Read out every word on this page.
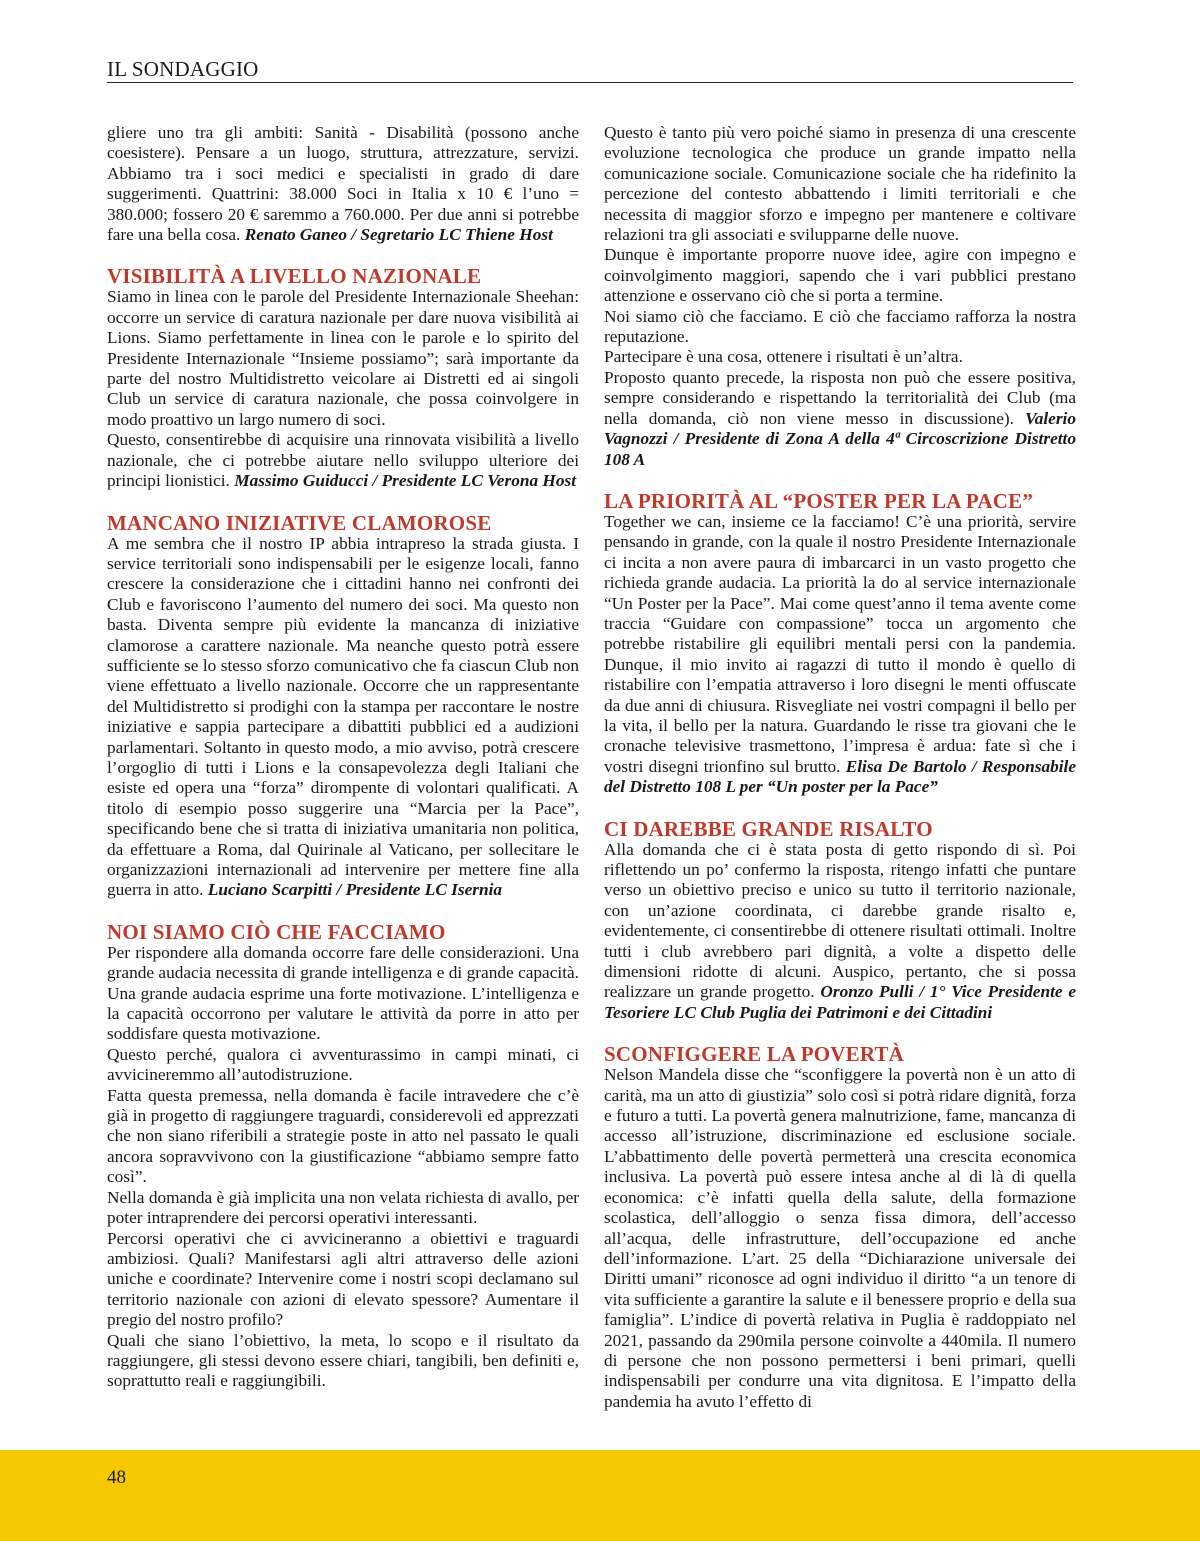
IL SONDAGGIO

gliere uno tra gli ambiti: Sanità - Disabilità (possono anche coesistere). Pensare a un luogo, struttura, attrezzature, servizi. Abbiamo tra i soci medici e specialisti in grado di dare suggerimenti. Quattrini: 38.000 Soci in Italia x 10 € l’uno = 380.000; fossero 20 € saremmo a 760.000. Per due anni si potrebbe fare una bella cosa. Renato Ganeo / Segretario LC Thiene Host

VISIBILITÀ A LIVELLO NAZIONALE

Siamo in linea con le parole del Presidente Internazionale Sheehan: occorre un service di caratura nazionale per dare nuova visibilità ai Lions. Siamo perfettamente in linea con le parole e lo spirito del Presidente Internazionale “Insieme possiamo”; sarà importante da parte del nostro Multidistretto veicolare ai Distretti ed ai singoli Club un service di caratura nazionale, che possa coinvolgere in modo proattivo un largo numero di soci.

Questo, consentirebbe di acquisire una rinnovata visibilità a livello nazionale, che ci potrebbe aiutare nello sviluppo ulteriore dei principi lionistici. Massimo Guiducci / Presidente LC Verona Host

MANCANO INIZIATIVE CLAMOROSE

A me sembra che il nostro IP abbia intrapreso la strada giusta. I service territoriali sono indispensabili per le esigenze locali, fanno crescere la considerazione che i cittadini hanno nei confronti dei Club e favoriscono l’aumento del numero dei soci. Ma questo non basta. Diventa sempre più evidente la mancanza di iniziative clamorose a carattere nazionale. Ma neanche questo potrà essere sufficiente se lo stesso sforzo comunicativo che fa ciascun Club non viene effettuato a livello nazionale. Occorre che un rappresentante del Multidistretto si prodighi con la stampa per raccontare le nostre iniziative e sappia partecipare a dibattiti pubblici ed a audizioni parlamentari. Soltanto in questo modo, a mio avviso, potrà crescere l’orgoglio di tutti i Lions e la consapevolezza degli Italiani che esiste ed opera una “forza” dirompente di volontari qualificati. A titolo di esempio posso suggerire una “Marcia per la Pace”, specificando bene che si tratta di iniziativa umanitaria non politica, da effettuare a Roma, dal Quirinale al Vaticano, per sollecitare le organizzazioni internazionali ad intervenire per mettere fine alla guerra in atto. Luciano Scarpitti / Presidente LC Isernia

NOI SIAMO CIÒ CHE FACCIAMO

Per rispondere alla domanda occorre fare delle considerazioni. Una grande audacia necessita di grande intelligenza e di grande capacità. Una grande audacia esprime una forte motivazione. L’intelligenza e la capacità occorrono per valutare le attività da porre in atto per soddisfare questa motivazione.

Questo perché, qualora ci avventurassimo in campi minati, ci avvicineremmo all’autodistruzione.

Fatta questa premessa, nella domanda è facile intravedere che c’è già in progetto di raggiungere traguardi, considerevoli ed apprezzati che non siano riferibili a strategie poste in atto nel passato le quali ancora sopravvivono con la giustificazione “abbiamo sempre fatto così”.

Nella domanda è già implicita una non velata richiesta di avallo, per poter intraprendere dei percorsi operativi interessanti.

Percorsi operativi che ci avvicineranno a obiettivi e traguardi ambiziosi. Quali? Manifestarsi agli altri attraverso delle azioni uniche e coordinate? Intervenire come i nostri scopi declamano sul territorio nazionale con azioni di elevato spessore? Aumentare il pregio del nostro profilo?

Quali che siano l’obiettivo, la meta, lo scopo e il risultato da raggiungere, gli stessi devono essere chiari, tangibili, ben definiti e, soprattutto reali e raggiungibili.

Questo è tanto più vero poiché siamo in presenza di una crescente evoluzione tecnologica che produce un grande impatto nella comunicazione sociale. Comunicazione sociale che ha ridefinito la percezione del contesto abbattendo i limiti territoriali e che necessita di maggior sforzo e impegno per mantenere e coltivare relazioni tra gli associati e svilupparne delle nuove.

Dunque è importante proporre nuove idee, agire con impegno e coinvolgimento maggiori, sapendo che i vari pubblici prestano attenzione e osservano ciò che si porta a termine.

Noi siamo ciò che facciamo. E ciò che facciamo rafforza la nostra reputazione.

Partecipare è una cosa, ottenere i risultati è un’altra.

Proposto quanto precede, la risposta non può che essere positiva, sempre considerando e rispettando la territorialità dei Club (ma nella domanda, ciò non viene messo in discussione). Valerio Vagnozzi / Presidente di Zona A della 4ª Circoscrizione Distretto 108 A

LA PRIORITÀ AL “POSTER PER LA PACE”

Together we can, insieme ce la facciamo! C’è una priorità, servire pensando in grande, con la quale il nostro Presidente Internazionale ci incita a non avere paura di imbarcarci in un vasto progetto che richieda grande audacia. La priorità la do al service internazionale “Un Poster per la Pace”. Mai come quest’anno il tema avente come traccia “Guidare con compassione” tocca un argomento che potrebbe ristabilire gli equilibri mentali persi con la pandemia. Dunque, il mio invito ai ragazzi di tutto il mondo è quello di ristabilire con l’empatia attraverso i loro disegni le menti offuscate da due anni di chiusura. Risvegliate nei vostri compagni il bello per la vita, il bello per la natura. Guardando le risse tra giovani che le cronache televisive trasmettono, l’impresa è ardua: fate sì che i vostri disegni trionfino sul brutto. Elisa De Bartolo / Responsabile del Distretto 108 L per “Un poster per la Pace”

CI DAREBBE GRANDE RISALTO

Alla domanda che ci è stata posta di getto rispondo di sì. Poi riflettendo un po’ confermo la risposta, ritengo infatti che puntare verso un obiettivo preciso e unico su tutto il territorio nazionale, con un’azione coordinata, ci darebbe grande risalto e, evidentemente, ci consentirebbe di ottenere risultati ottimali. Inoltre tutti i club avrebbero pari dignità, a volte a dispetto delle dimensioni ridotte di alcuni. Auspico, pertanto, che si possa realizzare un grande progetto. Oronzo Pulli / 1° Vice Presidente e Tesoriere LC Club Puglia dei Patrimoni e dei Cittadini

SCONFIGGERE LA POVERTÀ

Nelson Mandela disse che “sconfiggere la povertà non è un atto di carità, ma un atto di giustizia” solo così si potrà ridare dignità, forza e futuro a tutti. La povertà genera malnutrizione, fame, mancanza di accesso all’istruzione, discriminazione ed esclusione sociale. L’abbattimento delle povertà permetterà una crescita economica inclusiva. La povertà può essere intesa anche al di là di quella economica: c’è infatti quella della salute, della formazione scolastica, dell’alloggio o senza fissa dimora, dell’accesso all’acqua, delle infrastrutture, dell’occupazione ed anche dell’informazione. L’art. 25 della “Dichiarazione universale dei Diritti umani” riconosce ad ogni individuo il diritto “a un tenore di vita sufficiente a garantire la salute e il benessere proprio e della sua famiglia”. L’indice di povertà relativa in Puglia è raddoppiato nel 2021, passando da 290mila persone coinvolte a 440mila. Il numero di persone che non possono permettersi i beni primari, quelli indispensabili per condurre una vita dignitosa. E l’impatto della pandemia ha avuto l’effetto di

48
